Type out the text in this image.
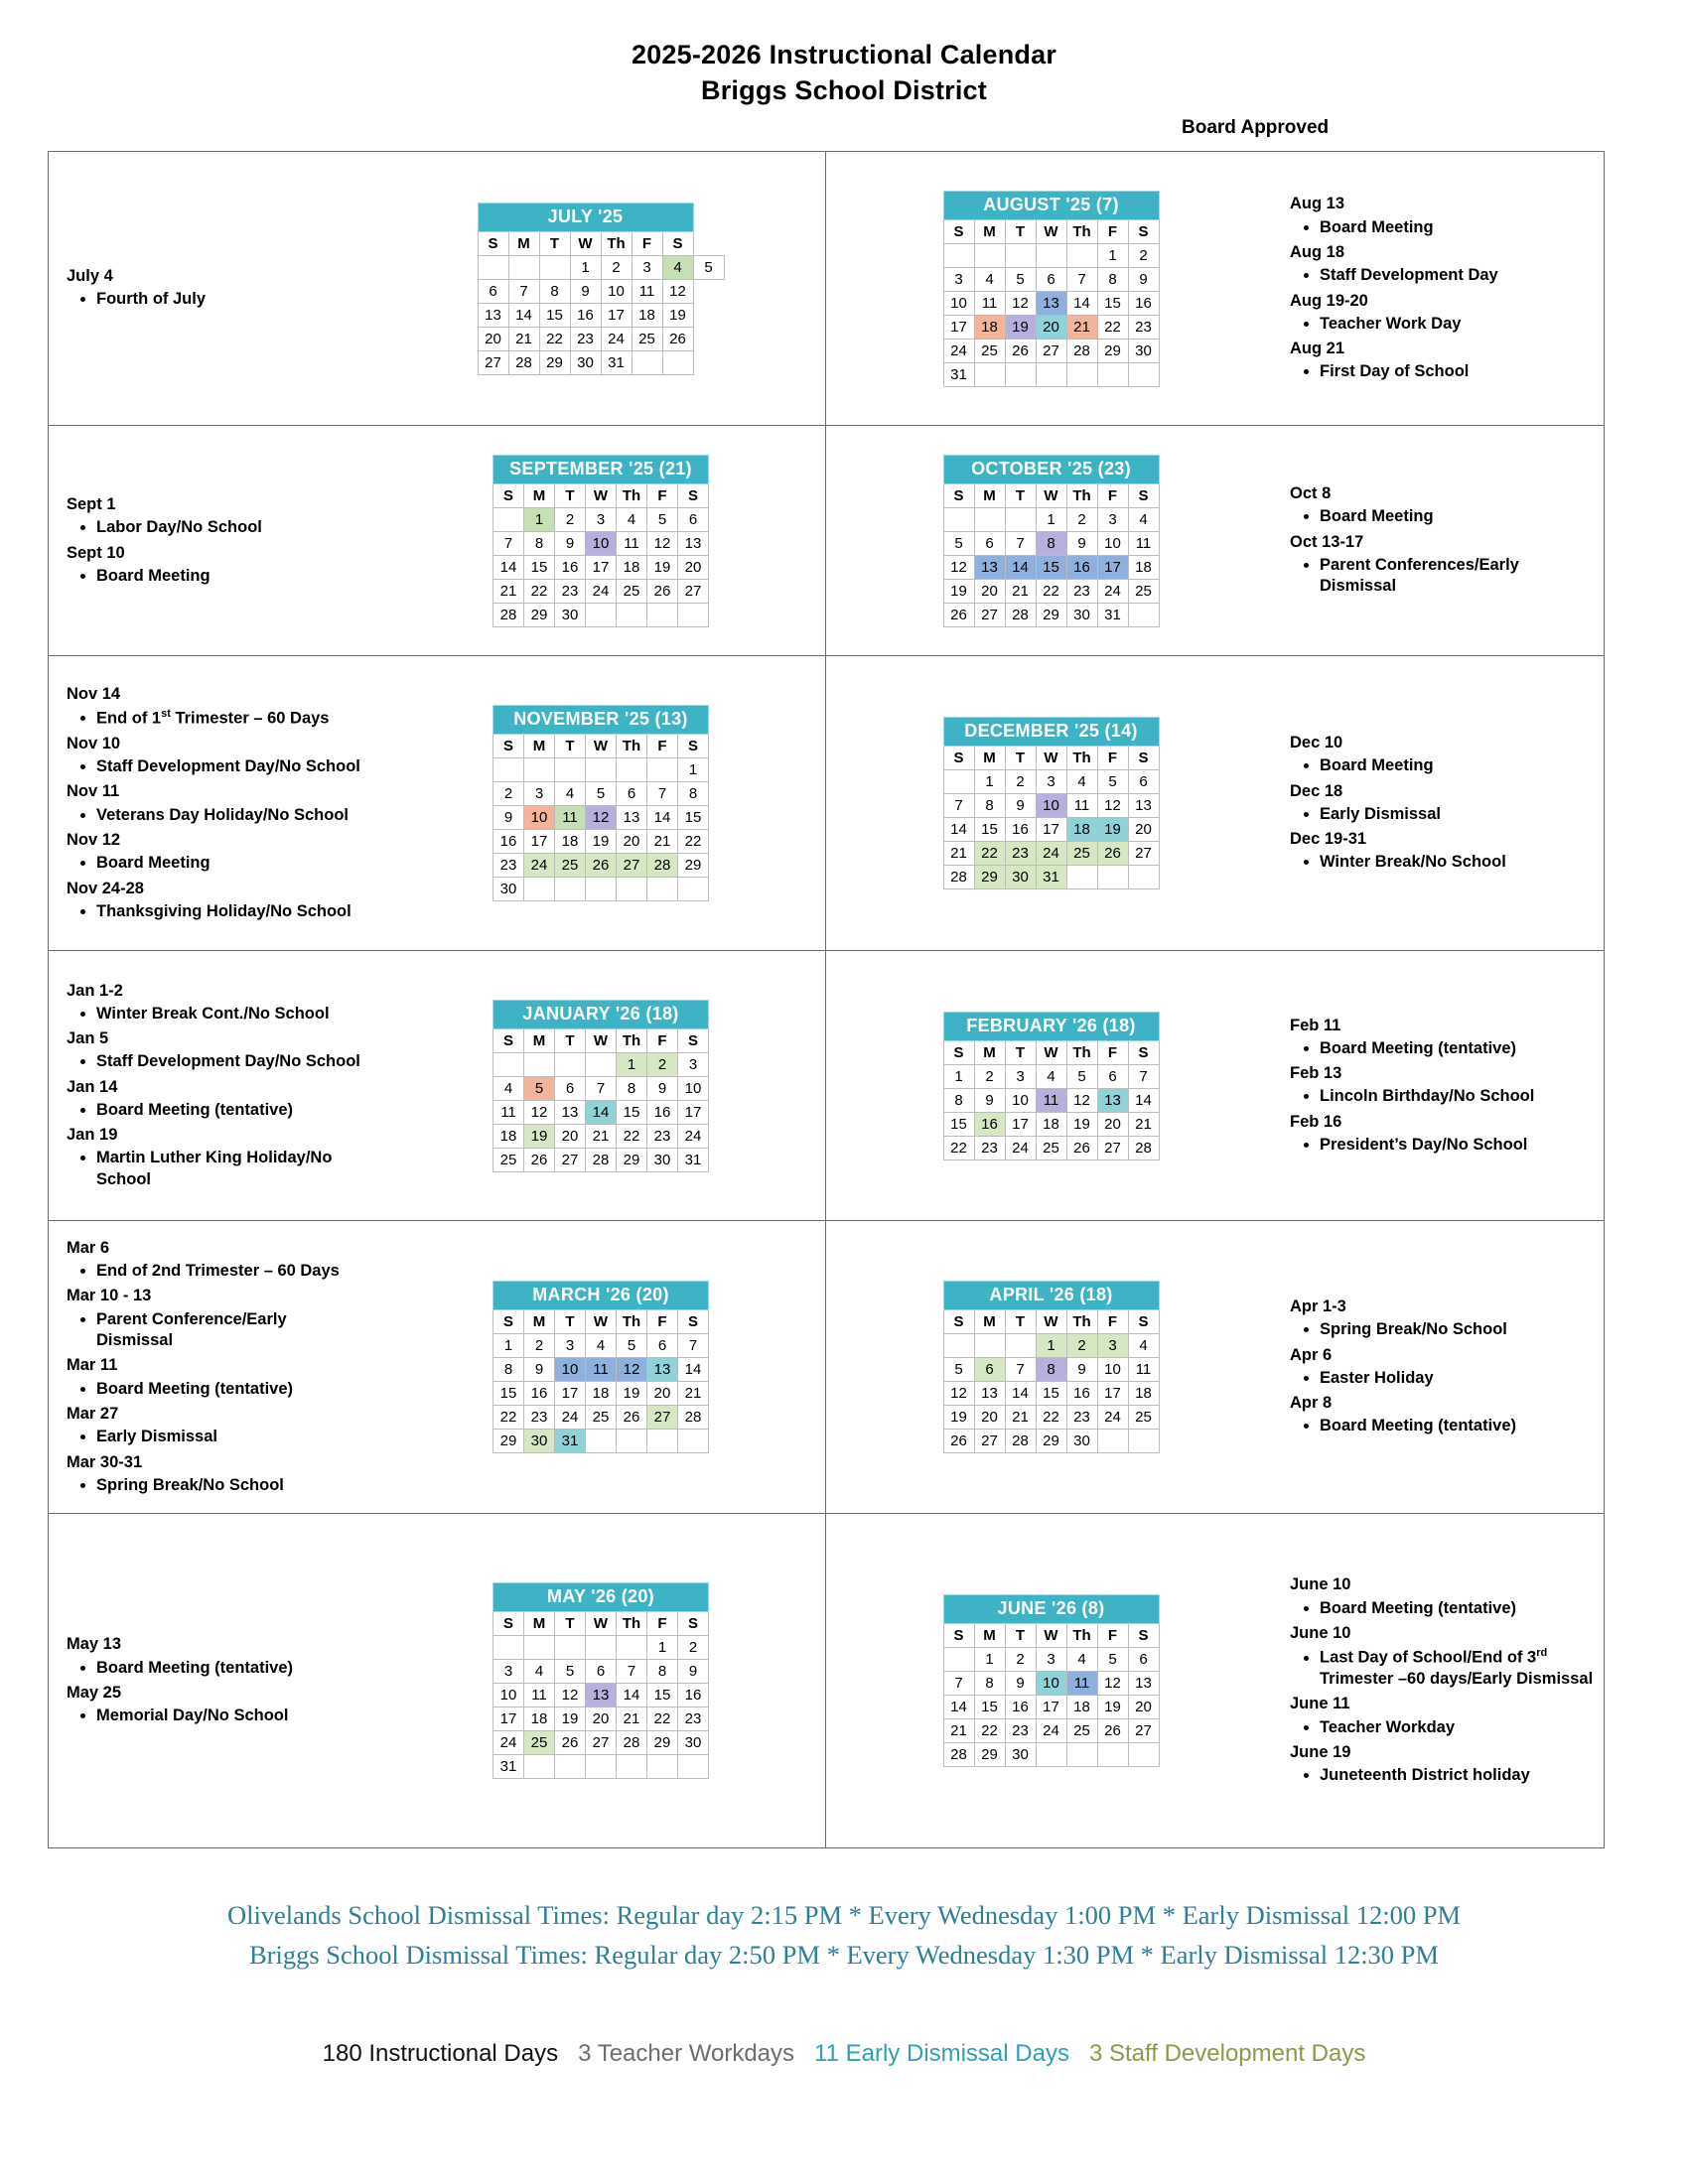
2025-2026 Instructional Calendar
Briggs School District
Board Approved
July 4
• Fourth of July
JULY '25							
S	M	T	W	Th	F	S	
			1	2	3	4	5
6	7	8	9	10	11	12	
13	14	15	16	17	18	19	
20	21	22	23	24	25	26	
27	28	29	30	31			
AUGUST '25 (7)						
S	M	T	W	Th	F	S
					1	2
3	4	5	6	7	8	9
10	11	12	13	14	15	16
17	18	19	20	21	22	23
24	25	26	27	28	29	30
31						
Aug 13
• Board Meeting
Aug 18
• Staff Development Day
Aug 19-20
• Teacher Work Day
Aug 21
• First Day of School
Sept 1
• Labor Day/No School
Sept 10
• Board Meeting
SEPTEMBER '25 (21)						
S	M	T	W	Th	F	S
	1	2	3	4	5	6
7	8	9	10	11	12	13
14	15	16	17	18	19	20
21	22	23	24	25	26	27
28	29	30				
OCTOBER '25 (23)						
S	M	T	W	Th	F	S
			1	2	3	4
5	6	7	8	9	10	11
12	13	14	15	16	17	18
19	20	21	22	23	24	25
26	27	28	29	30	31	
Oct 8
• Board Meeting
Oct 13-17
• Parent Conferences/Early Dismissal
Nov 14
• End of 1st Trimester – 60 Days
Nov 10
• Staff Development Day/No School
Nov 11
• Veterans Day Holiday/No School
Nov 12
• Board Meeting
Nov 24-28
• Thanksgiving Holiday/No School
NOVEMBER '25 (13)						
S	M	T	W	Th	F	S
						1
2	3	4	5	6	7	8
9	10	11	12	13	14	15
16	17	18	19	20	21	22
23	24	25	26	27	28	29
30						
DECEMBER '25 (14)						
S	M	T	W	Th	F	S
	1	2	3	4	5	6
7	8	9	10	11	12	13
14	15	16	17	18	19	20
21	22	23	24	25	26	27
28	29	30	31			
Dec 10
• Board Meeting
Dec 18
• Early Dismissal
Dec 19-31
• Winter Break/No School
Jan 1-2
• Winter Break Cont./No School
Jan 5
• Staff Development Day/No School
Jan 14
• Board Meeting (tentative)
Jan 19
• Martin Luther King Holiday/No School
JANUARY '26 (18)						
S	M	T	W	Th	F	S
				1	2	3
4	5	6	7	8	9	10
11	12	13	14	15	16	17
18	19	20	21	22	23	24
25	26	27	28	29	30	31
FEBRUARY '26 (18)						
S	M	T	W	Th	F	S
1	2	3	4	5	6	7
8	9	10	11	12	13	14
15	16	17	18	19	20	21
22	23	24	25	26	27	28
Feb 11
• Board Meeting (tentative)
Feb 13
• Lincoln Birthday/No School
Feb 16
• President’s Day/No School
Mar 6
• End of 2nd Trimester – 60 Days
Mar 10 - 13
• Parent Conference/Early Dismissal
Mar 11
• Board Meeting (tentative)
Mar 27
• Early Dismissal
Mar 30-31
• Spring Break/No School
MARCH '26 (20)						
S	M	T	W	Th	F	S
1	2	3	4	5	6	7
8	9	10	11	12	13	14
15	16	17	18	19	20	21
22	23	24	25	26	27	28
29	30	31				
APRIL '26 (18)						
S	M	T	W	Th	F	S
			1	2	3	4
5	6	7	8	9	10	11
12	13	14	15	16	17	18
19	20	21	22	23	24	25
26	27	28	29	30		
Apr 1-3
• Spring Break/No School
Apr 6
• Easter Holiday
Apr 8
• Board Meeting (tentative)
May 13
• Board Meeting (tentative)
May 25
• Memorial Day/No School
MAY '26 (20)						
S	M	T	W	Th	F	S
					1	2
3	4	5	6	7	8	9
10	11	12	13	14	15	16
17	18	19	20	21	22	23
24	25	26	27	28	29	30
31						
JUNE '26 (8)						
S	M	T	W	Th	F	S
	1	2	3	4	5	6
7	8	9	10	11	12	13
14	15	16	17	18	19	20
21	22	23	24	25	26	27
28	29	30				
June 10
• Board Meeting (tentative)
June 10
• Last Day of School/End of 3rd Trimester –60 days/Early Dismissal
June 11
• Teacher Workday
June 19
• Juneteenth District holiday
Olivelands School Dismissal Times: Regular day 2:15 PM * Every Wednesday 1:00 PM * Early Dismissal 12:00 PM
Briggs School Dismissal Times: Regular day 2:50 PM * Every Wednesday 1:30 PM * Early Dismissal 12:30 PM
180 Instructional Days 3 Teacher Workdays 11 Early Dismissal Days 3 Staff Development Days
